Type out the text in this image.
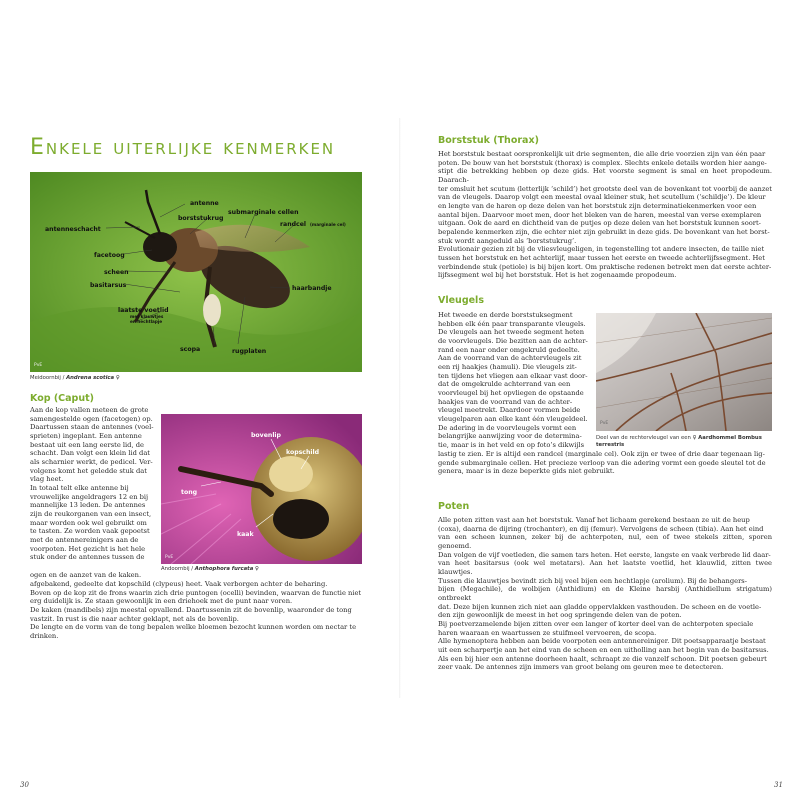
Enkele uiterlijke kenmerken
antenne
borststukrug
submarginale cellen
antenneschacht
randcel (marginale cel)
facetoog
scheen
basitarsus	haarbandje
laatste voetlid
met klauwtjes
en hechtlapje
scopa	rugplaten
PvE
Meidoornbij / Andrena scotica ♀
Kop (Caput)

Aan de kop vallen meteen de grote

samengestelde ogen (facetogen) op.

Daartussen staan de antennes (voel-

sprieten) ingeplant. Een antenne

bestaat uit een lang eerste lid, de

schacht. Dan volgt een klein lid dat

als scharnier werkt, de pedicel. Ver-

volgens komt het geledde stuk dat

vlag heet.

In totaal telt elke antenne bij

vrouwelijke angeldragers 12 en bij

mannelijke 13 leden. De antennes

zijn de reukorganen van een insect,

maar worden ook wel gebruikt om

te tasten. Ze worden vaak gepoetst

met de antennereinigers aan de

voorpoten. Het gezicht is het hele

stuk onder de antennes tussen de

bovenlip
kopschild
tong
kaak
PvE
Andoornbij / Anthophora furcata ♀

ogen en de aanzet van de kaken.

afgebakend, gedeelte dat kopschild (clypeus) heet. Vaak verborgen achter de beharing.

Boven op de kop zit de frons waarin zich drie puntogen (ocelli) bevinden, waarvan de functie niet

erg duidelijk is. Ze staan gewoonlijk in een driehoek met de punt naar voren.

De kaken (mandibels) zijn meestal opvallend. Daartussenin zit de bovenlip, waaronder de tong

vastzit. In rust is die naar achter geklapt, net als de bovenlip.

De lengte en de vorm van de tong bepalen welke bloemen bezocht kunnen worden om nectar te

drinken.

30
Borststuk (Thorax)

Het borststuk bestaat oorspronkelijk uit drie segmenten, die alle drie voorzien zijn van één paar

poten. De bouw van het borststuk (thorax) is complex. Slechts enkele details worden hier aange-

stipt die betrekking hebben op deze gids. Het voorste segment is smal en heet propodeum. Daarach-

ter omsluit het scutum (letterlijk ‘schild’) het grootste deel van de bovenkant tot voorbij de aanzet

van de vleugels. Daarop volgt een meestal ovaal kleiner stuk, het scutellum (‘schildje’). De kleur

en lengte van de haren op deze delen van het borststuk zijn determinatiekenmerken voor een

aantal bijen. Daarvoor moet men, door het bleken van de haren, meestal van verse exemplaren

uitgaan. Ook de aard en dichtheid van de putjes op deze delen van het borststuk kunnen soort-

bepalende kenmerken zijn, die echter niet zijn gebruikt in deze gids. De bovenkant van het borst-

stuk wordt aangeduid als ‘borststukrug’.

Evolutionair gezien zit bij de vliesvleugeligen, in tegenstelling tot andere insecten, de taille niet

tussen het borststuk en het achterlijf, maar tussen het eerste en tweede achterlijfssegment. Het

verbindende stuk (petiole) is bij bijen kort. Om praktische redenen betrekt men dat eerste achter-

lijfssegment wel bij het borststuk. Het is het zogenaamde propodeum.

Vleugels

Het tweede en derde borststuksegment

hebben elk één paar transparante vleugels.

De vleugels aan het tweede segment heten

de voorvleugels. Die bezitten aan de achter-

rand een naar onder omgekruld gedeelte.

Aan de voorrand van de achtervleugels zit

een rij haakjes (hamuli). Die vleugels zit-

ten tijdens het vliegen aan elkaar vast door-

dat de omgekrulde achterrand van een

voorvleugel bij het opvliegen de opstaande

haakjes van de voorrand van de achter-

vleugel meetrekt. Daardoor vormen beide

vleugelparen aan elke kant één vleugeldeel.

De adering in de voorvleugels vormt een

belangrijke aanwijzing voor de determina-

tie, maar is in het veld en op foto’s dikwijls

lastig te zien. Er is altijd een randcel (marginale cel). Ook zijn er twee of drie daar tegenaan lig-

gende submarginale cellen. Het precieze verloop van die adering vormt een goede sleutel tot de

genera, maar is in deze beperkte gids niet gebruikt.

PvE
Deel van de rechtervleugel van een ♀ Aardhommel Bombus terrestris
Poten

Alle poten zitten vast aan het borststuk. Vanaf het lichaam gerekend bestaan ze uit de heup

(coxa), daarna de dijring (trochanter), en dij (femur). Vervolgens de scheen (tibia). Aan het eind

van een scheen kunnen, zeker bij de achterpoten, nul, een of twee stekels zitten, sporen genoemd.

Dan volgen de vijf voetleden, die samen tars heten. Het eerste, langste en vaak verbrede lid daar-

van heet basitarsus (ook wel metatars). Aan het laatste voetlid, het klauwlid, zitten twee klauwtjes.

Tussen die klauwtjes bevindt zich bij veel bijen een hechtlapje (arolium). Bij de behangers-

bijen (Megachile), de wolbijen (Anthidium) en de Kleine harsbij (Anthidiellum strigatum) ontbreekt

dat. Deze bijen kunnen zich niet aan gladde oppervlakken vasthouden. De scheen en de voetle-

den zijn gewoonlijk de meest in het oog springende delen van de poten.

Bij poetverzamelende bijen zitten over een langer of korter deel van de achterpoten speciale

haren waaraan en waartussen ze stuifmeel vervoeren, de scopa.

Alle hymenoptera hebben aan beide voorpoten een antennereiniger. Dit poetsapparaatje bestaat

uit een scharpertje aan het eind van de scheen en een uitholling aan het begin van de basitarsus.

Als een bij hier een antenne doorheen haalt, schraapt ze die vanzelf schoon. Dit poetsen gebeurt

zeer vaak. De antennes zijn immers van groot belang om geuren mee te detecteren.

31
